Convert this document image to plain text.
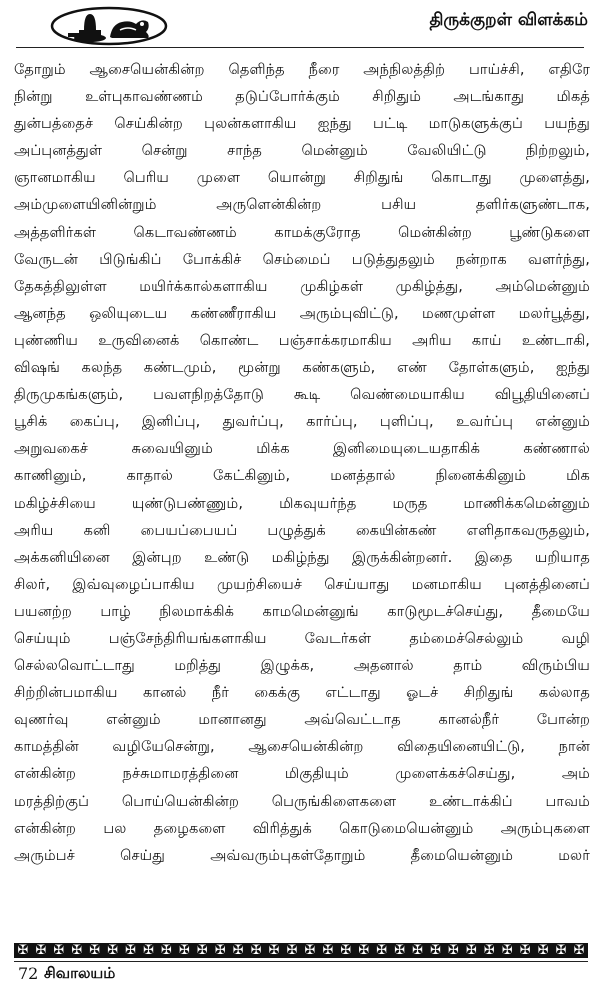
திருக்குறள் விளக்கம்
தோறும் ஆசையென்கின்ற தெளிந்த நீரை அந்நிலத்திற் பாய்ச்சி, எதிரே
நின்று உள்புகாவண்ணம் தடுப்போர்க்கும் சிறிதும் அடங்காது மிகத்
துன்பத்தைச் செய்கின்ற புலன்களாகிய ஐந்து பட்டி மாடுகளுக்குப் பயந்து
அப்புனத்துள் சென்று சாந்த மென்னும் வேலியிட்டு நிற்றலும்,
ஞானமாகிய பெரிய முளை யொன்று சிறிதுங் கொடாது முளைத்து,
அம்முளையினின்றும் அருளென்கின்ற பசிய தளிர்களுண்டாக,
அத்தளிர்கள் கெடாவண்ணம் காமக்குரோத மென்கின்ற பூண்டுகளை
வேருடன் பிடுங்கிப் போக்கிச் செம்மைப் படுத்துதலும் நன்றாக வளர்ந்து,
தேகத்திலுள்ள மயிர்க்கால்களாகிய முகிழ்கள் முகிழ்த்து, அம்மென்னும்
ஆனந்த ஒலியுடைய கண்ணீராகிய அரும்புவிட்டு, மணமுள்ள மலர்பூத்து,
புண்ணிய உருவினைக் கொண்ட பஞ்சாக்கரமாகிய அரிய காய் உண்டாகி,
விஷங் கலந்த கண்டமும், மூன்று கண்களும், எண் தோள்களும், ஐந்து
திருமுகங்களும், பவளநிறத்தோடு கூடி வெண்மையாகிய விபூதியினைப்
பூசிக் கைப்பு, இனிப்பு, துவர்ப்பு, கார்ப்பு, புளிப்பு, உவர்ப்பு என்னும்
அறுவகைச் சுவையினும் மிக்க இனிமையுடையதாகிக் கண்ணால்
காணினும், காதால் கேட்கினும், மனத்தால் நினைக்கினும் மிக
மகிழ்ச்சியை யுண்டுபண்ணும், மிகவுயர்ந்த மருத மாணிக்கமென்னும்
அரிய கனி பையப்பையப் பழுத்துக் கையின்கண் எளிதாகவருதலும்,
அக்கனியினை இன்புற உண்டு மகிழ்ந்து இருக்கின்றனர். இதை யறியாத
சிலர், இவ்வுழைப்பாகிய முயற்சியைச் செய்யாது மனமாகிய புனத்தினைப்
பயனற்ற பாழ் நிலமாக்கிக் காமமென்னுங் காடுமூடச்செய்து, தீமையே
செய்யும் பஞ்சேந்திரியங்களாகிய வேடர்கள் தம்மைச்செல்லும் வழி
செல்லவொட்டாது மறித்து இழுக்க, அதனால் தாம் விரும்பிய
சிற்றின்பமாகிய கானல் நீர் கைக்கு எட்டாது ஓடச் சிறிதுங் கல்லாத
வுணர்வு என்னும் மானானது அவ்வெட்டாத கானல்நீர் போன்ற
காமத்தின் வழியேசென்று, ஆசையென்கின்ற விதையினையிட்டு, நான்
என்கின்ற நச்சுமாமரத்தினை மிகுதியும் முளைக்கச்செய்து, அம்
மரத்திற்குப் பொய்யென்கின்ற பெருங்கிளைகளை உண்டாக்கிப் பாவம்
என்கின்ற பல தழைகளை விரித்துக் கொடுமையென்னும் அரும்புகளை
அரும்பச் செய்து அவ்வரும்புகள்தோறும் தீமையென்னும் மலர்
✠ ✠ ✠ ✠ ✠ ✠ ✠ ✠ ✠ ✠ ✠ ✠ ✠ ✠ ✠ ✠ ✠ ✠ ✠ ✠ ✠ ✠ ✠ ✠ ✠ ✠ ✠ ✠ ✠ ✠ ✠ ✠
72 சிவாலயம்
